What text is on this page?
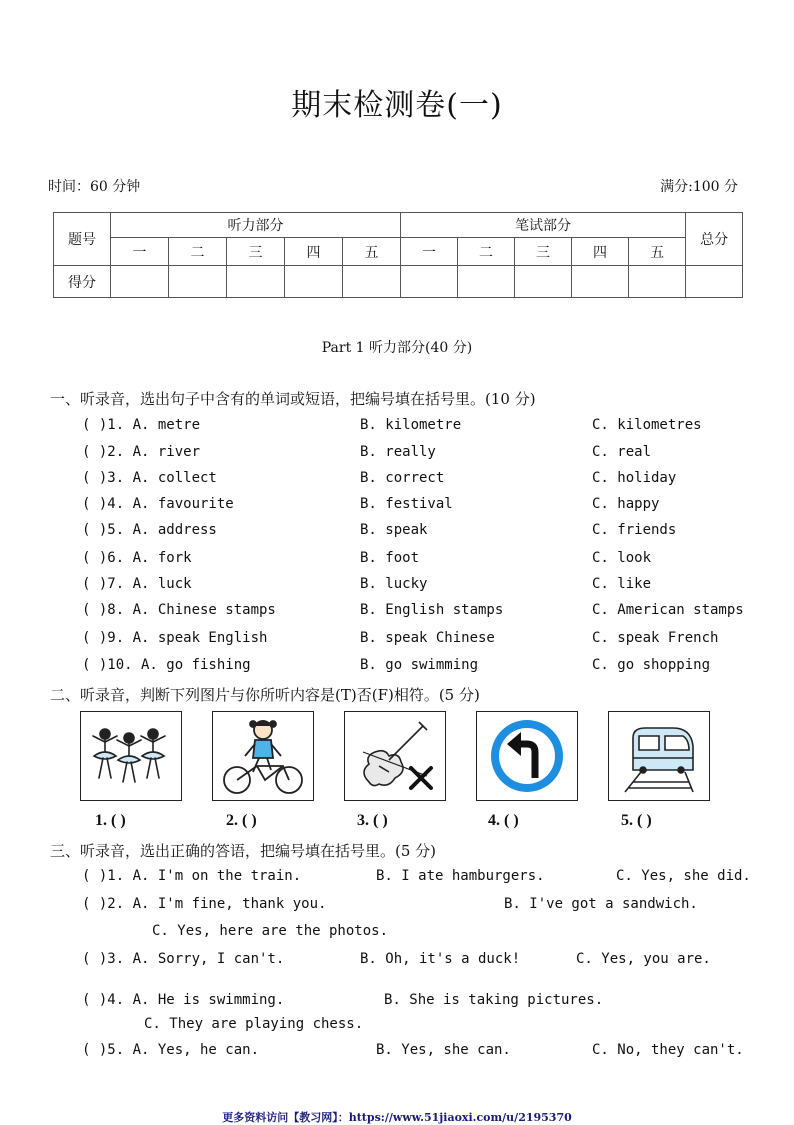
期末检测卷(一)
时间：60 分钟	满分:100 分
题号	听力部分					笔试部分					总分
	一	二	三	四	五	一	二	三	四	五	
得分											
Part 1 听力部分(40 分)
一、听录音，选出句子中含有的单词或短语，把编号填在括号里。(10 分)
( )1. A. metre	B. kilometre	C. kilometres
( )2. A. river	B. really	C. real
( )3. A. collect	B. correct	C. holiday
( )4. A. favourite	B. festival	C. happy
( )5. A. address	B. speak	C. friends
( )6. A. fork	B. foot	C. look
( )7. A. luck	B. lucky	C. like
( )8. A. Chinese stamps	B. English stamps	C. American stamps
( )9. A. speak English	B. speak Chinese	C. speak French
( )10. A. go fishing	B. go swimming	C. go shopping
二、听录音，判断下列图片与你所听内容是(T)否(F)相符。(5 分)
1. ( )	2. ( )	3. ( )	4. ( )	5. ( )
三、听录音，选出正确的答语，把编号填在括号里。(5 分)
( )1. A. I'm on the train.	B. I ate hamburgers.	C. Yes, she did.
( )2. A. I'm fine, thank you.	B. I've got a sandwich.
C. Yes, here are the photos.
( )3. A. Sorry, I can't.	B. Oh, it's a duck!	C. Yes, you are.
( )4. A. He is swimming.	B. She is taking pictures.
C. They are playing chess.
( )5. A. Yes, he can.	B. Yes, she can.	C. No, they can't.
更多资料访问【教习网】：https://www.51jiaoxi.com/u/2195370
